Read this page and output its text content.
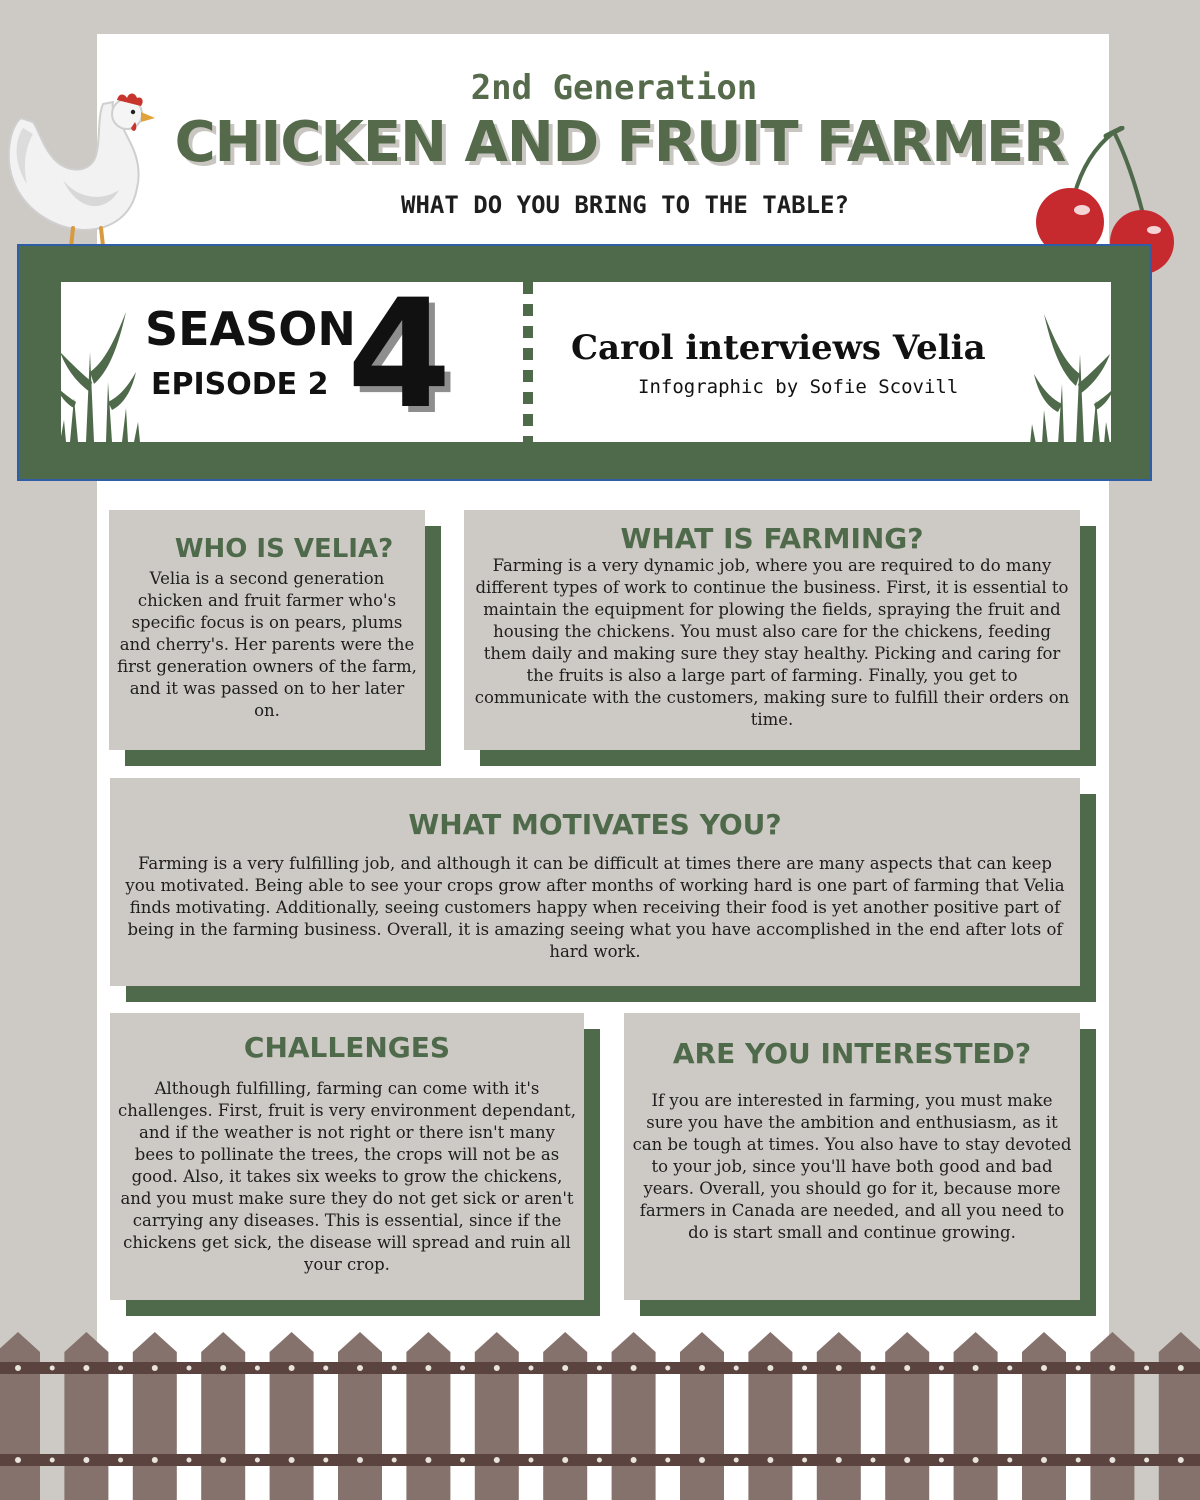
2nd Generation
CHICKEN AND FRUIT FARMER
WHAT DO YOU BRING TO THE TABLE?
SEASON
EPISODE 2 4	Carol interviews Velia
Infographic by Sofie Scovill
WHO IS VELIA?

Velia is a second generation chicken and fruit farmer who's specific focus is on pears, plums and cherry's. Her parents were the first generation owners of the farm, and it was passed on to her later on.

WHAT IS FARMING?

Farming is a very dynamic job, where you are required to do many different types of work to continue the business. First, it is essential to maintain the equipment for plowing the fields, spraying the fruit and housing the chickens. You must also care for the chickens, feeding them daily and making sure they stay healthy. Picking and caring for the fruits is also a large part of farming. Finally, you get to communicate with the customers, making sure to fulfill their orders on time.

WHAT MOTIVATES YOU?

Farming is a very fulfilling job, and although it can be difficult at times there are many aspects that can keep you motivated. Being able to see your crops grow after months of working hard is one part of farming that Velia finds motivating. Additionally, seeing customers happy when receiving their food is yet another positive part of being in the farming business. Overall, it is amazing seeing what you have accomplished in the end after lots of hard work.

CHALLENGES

Although fulfilling, farming can come with it's challenges. First, fruit is very environment dependant, and if the weather is not right or there isn't many bees to pollinate the trees, the crops will not be as good. Also, it takes six weeks to grow the chickens, and you must make sure they do not get sick or aren't carrying any diseases. This is essential, since if the chickens get sick, the disease will spread and ruin all your crop.

ARE YOU INTERESTED?

If you are interested in farming, you must make sure you have the ambition and enthusiasm, as it can be tough at times. You also have to stay devoted to your job, since you'll have both good and bad years. Overall, you should go for it, because more farmers in Canada are needed, and all you need to do is start small and continue growing.
